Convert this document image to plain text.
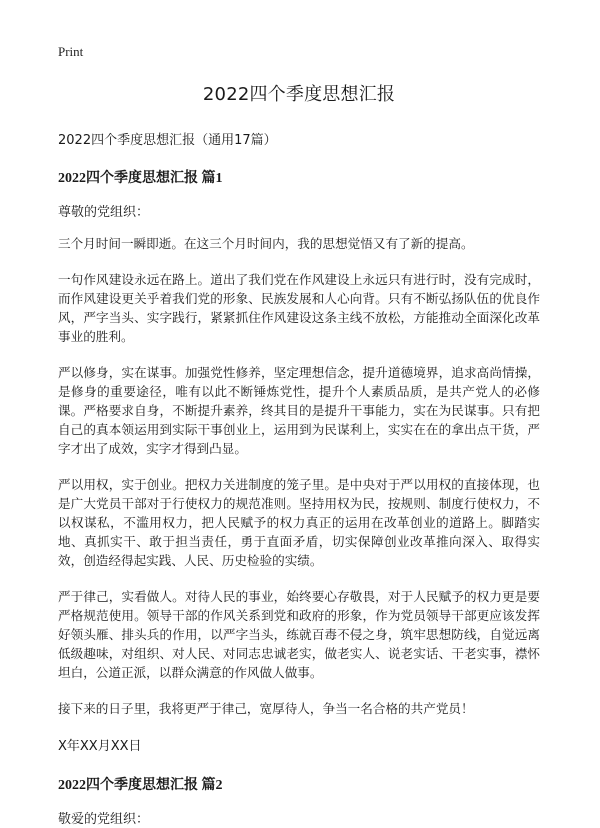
Print
2022四个季度思想汇报
2022四个季度思想汇报（通用17篇）
2022四个季度思想汇报 篇1
尊敬的党组织：

三个月时间一瞬即逝。在这三个月时间内，我的思想觉悟又有了新的提高。

一句作风建设永远在路上。道出了我们党在作风建设上永远只有进行时，没有完成时，而作风建设更关乎着我们党的形象、民族发展和人心向背。只有不断弘扬队伍的优良作风，严字当头、实字践行，紧紧抓住作风建设这条主线不放松，方能推动全面深化改革事业的胜利。

严以修身，实在谋事。加强党性修养，坚定理想信念，提升道德境界，追求高尚情操，是修身的重要途径，唯有以此不断锤炼党性，提升个人素质品质，是共产党人的必修课。严格要求自身，不断提升素养，终其目的是提升干事能力，实在为民谋事。只有把自己的真本领运用到实际干事创业上，运用到为民谋利上，实实在在的拿出点干货，严字才出了成效，实字才得到凸显。

严以用权，实于创业。把权力关进制度的笼子里。是中央对于严以用权的直接体现，也是广大党员干部对于行使权力的规范准则。坚持用权为民，按规则、制度行使权力，不以权谋私，不滥用权力，把人民赋予的权力真正的运用在改革创业的道路上。脚踏实地、真抓实干、敢于担当责任，勇于直面矛盾，切实保障创业改革推向深入、取得实效，创造经得起实践、人民、历史检验的实绩。

严于律己，实看做人。对待人民的事业，始终要心存敬畏，对于人民赋予的权力更是要严格规范使用。领导干部的作风关系到党和政府的形象，作为党员领导干部更应该发挥好领头雁、排头兵的作用，以严字当头，练就百毒不侵之身，筑牢思想防线，自觉远离低级趣味，对组织、对人民、对同志忠诚老实，做老实人、说老实话、干老实事，襟怀坦白，公道正派，以群众满意的作风做人做事。

接下来的日子里，我将更严于律己，宽厚待人，争当一名合格的共产党员！

X年XX月XX日
2022四个季度思想汇报 篇2
敬爱的党组织：
